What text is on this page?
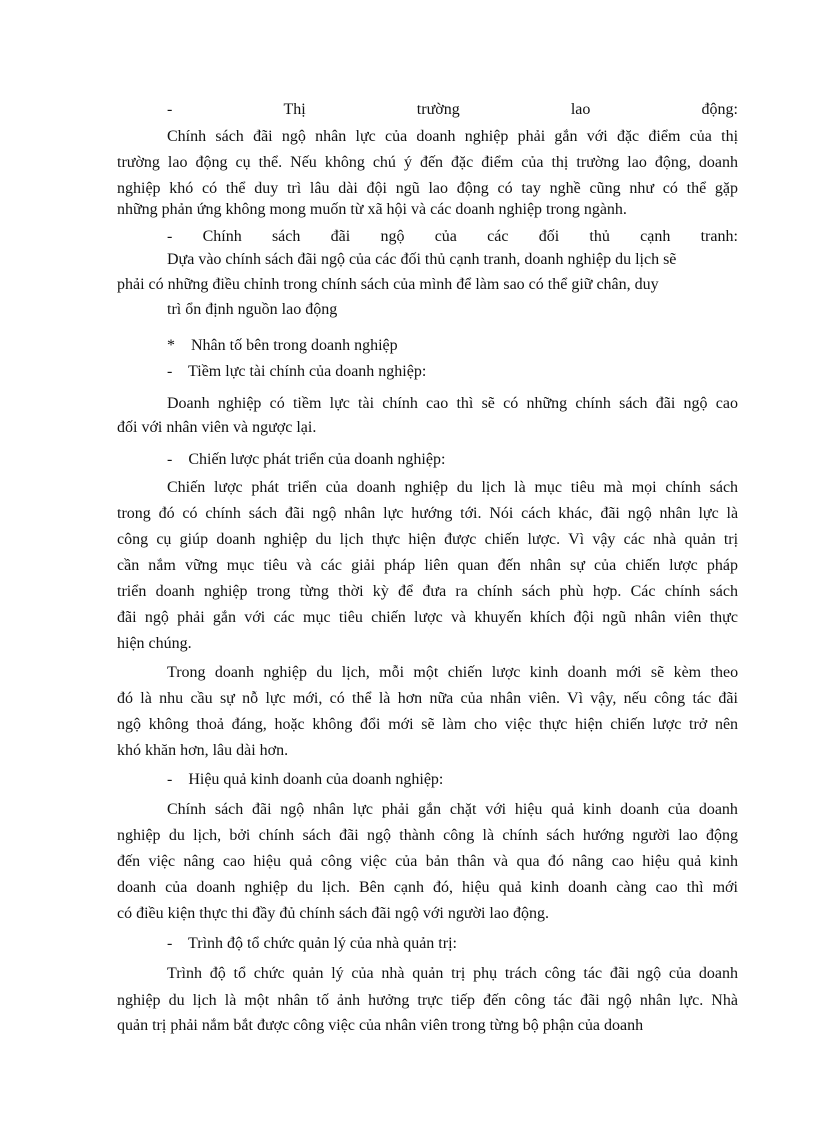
-	Thị	trường	lao	động:
Chính sách đãi ngộ nhân lực của doanh nghiệp phải gắn với đặc điểm của thị
trường lao động cụ thể. Nếu không chú ý đến đặc điểm của thị trường lao động, doanh
nghiệp khó có thể duy trì lâu dài đội ngũ lao động có tay nghề cũng như có thể gặp
những phản ứng không mong muốn từ xã hội và các doanh nghiệp trong ngành.
- Chính sách đãi ngộ của các đối thủ cạnh tranh:
Dựa vào chính sách đãi ngộ của các đối thủ cạnh tranh, doanh nghiệp du lịch sẽ
phải có những điều chỉnh trong chính sách của mình để làm sao có thể giữ chân, duy
trì ổn định nguồn lao động
*    Nhân tố bên trong doanh nghiệp
-    Tiềm lực tài chính của doanh nghiệp:
Doanh nghiệp có tiềm lực tài chính cao thì sẽ có những chính sách đãi ngộ cao
đối với nhân viên và ngược lại.
-    Chiến lược phát triển của doanh nghiệp:
Chiến lược phát triển của doanh nghiệp du lịch là mục tiêu mà mọi chính sách
trong đó có chính sách đãi ngộ nhân lực hướng tới. Nói cách khác, đãi ngộ nhân lực là
công cụ giúp doanh nghiệp du lịch thực hiện được chiến lược. Vì vậy các nhà quản trị
cần nắm vững mục tiêu và các giải pháp liên quan đến nhân sự của chiến lược pháp
triển doanh nghiệp trong từng thời kỳ để đưa ra chính sách phù hợp. Các chính sách
đãi ngộ phải gắn với các mục tiêu chiến lược và khuyến khích đội ngũ nhân viên thực
hiện chúng.
Trong doanh nghiệp du lịch, mỗi một chiến lược kinh doanh mới sẽ kèm theo
đó là nhu cầu sự nỗ lực mới, có thể là hơn nữa của nhân viên. Vì vậy, nếu công tác đãi
ngộ không thoả đáng, hoặc không đổi mới sẽ làm cho việc thực hiện chiến lược trở nên
khó khăn hơn, lâu dài hơn.
-    Hiệu quả kinh doanh của doanh nghiệp:
Chính sách đãi ngộ nhân lực phải gắn chặt với hiệu quả kinh doanh của doanh
nghiệp du lịch, bởi chính sách đãi ngộ thành công là chính sách hướng người lao động
đến việc nâng cao hiệu quả công việc của bản thân và qua đó nâng cao hiệu quả kinh
doanh của doanh nghiệp du lịch. Bên cạnh đó, hiệu quả kinh doanh càng cao thì mới
có điều kiện thực thi đầy đủ chính sách đãi ngộ với người lao động.
-    Trình độ tổ chức quản lý của nhà quản trị:
Trình độ tổ chức quản lý của nhà quản trị phụ trách công tác đãi ngộ của doanh
nghiệp du lịch là một nhân tố ảnh hưởng trực tiếp đến công tác đãi ngộ nhân lực. Nhà
quản trị phải nắm bắt được công việc của nhân viên trong từng bộ phận của doanh
